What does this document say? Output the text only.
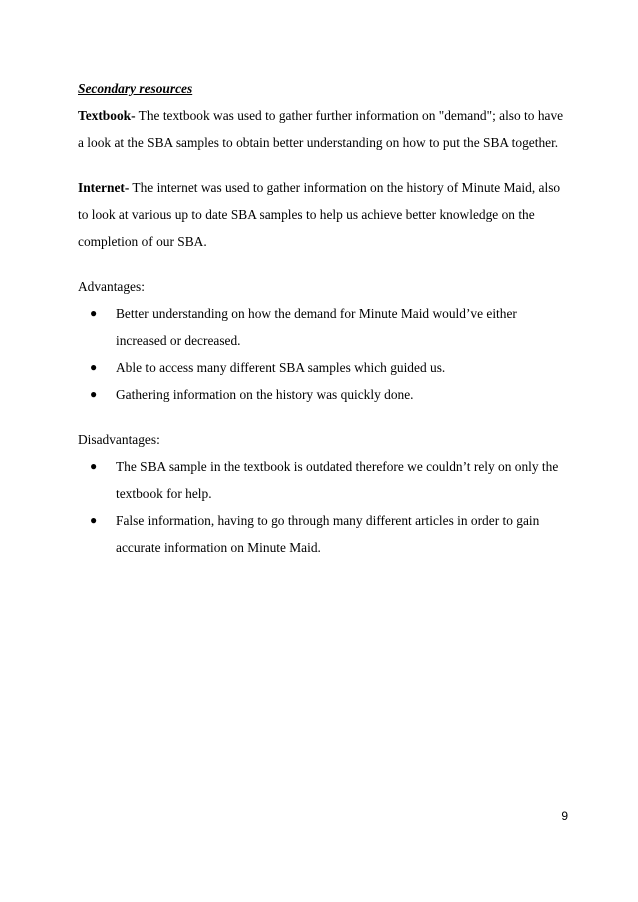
Secondary resources

Textbook- The textbook was used to gather further information on "demand"; also to have a look at the SBA samples to obtain better understanding on how to put the SBA together.

Internet- The internet was used to gather information on the history of Minute Maid, also to look at various up to date SBA samples to help us achieve better knowledge on the completion of our SBA.

Advantages:

● Better understanding on how the demand for Minute Maid would’ve either increased or decreased.
● Able to access many different SBA samples which guided us.
● Gathering information on the history was quickly done.

Disadvantages:

● The SBA sample in the textbook is outdated therefore we couldn’t rely on only the textbook for help.
● False information, having to go through many different articles in order to gain accurate information on Minute Maid.
9
